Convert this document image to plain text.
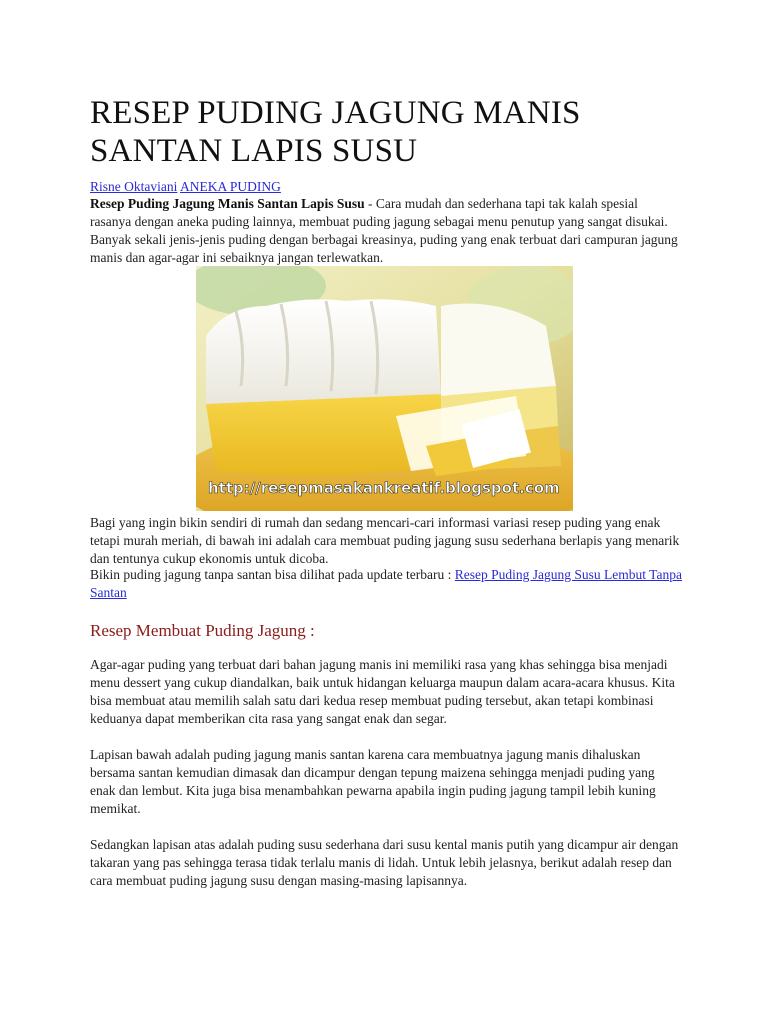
RESEP PUDING JAGUNG MANIS SANTAN LAPIS SUSU
Risne Oktaviani ANEKA PUDING

Resep Puding Jagung Manis Santan Lapis Susu - Cara mudah dan sederhana tapi tak kalah spesial rasanya dengan aneka puding lainnya, membuat puding jagung sebagai menu penutup yang sangat disukai. Banyak sekali jenis-jenis puding dengan berbagai kreasinya, puding yang enak terbuat dari campuran jagung manis dan agar-agar ini sebaiknya jangan terlewatkan.

http://resepmasakankreatif.blogspot.com

Bagi yang ingin bikin sendiri di rumah dan sedang mencari-cari informasi variasi resep puding yang enak tetapi murah meriah, di bawah ini adalah cara membuat puding jagung susu sederhana berlapis yang menarik dan tentunya cukup ekonomis untuk dicoba.

Bikin puding jagung tanpa santan bisa dilihat pada update terbaru : Resep Puding Jagung Susu Lembut Tanpa Santan

Resep Membuat Puding Jagung :

Agar-agar puding yang terbuat dari bahan jagung manis ini memiliki rasa yang khas sehingga bisa menjadi menu dessert yang cukup diandalkan, baik untuk hidangan keluarga maupun dalam acara-acara khusus. Kita bisa membuat atau memilih salah satu dari kedua resep membuat puding tersebut, akan tetapi kombinasi keduanya dapat memberikan cita rasa yang sangat enak dan segar.

Lapisan bawah adalah puding jagung manis santan karena cara membuatnya jagung manis dihaluskan bersama santan kemudian dimasak dan dicampur dengan tepung maizena sehingga menjadi puding yang enak dan lembut. Kita juga bisa menambahkan pewarna apabila ingin puding jagung tampil lebih kuning memikat.

Sedangkan lapisan atas adalah puding susu sederhana dari susu kental manis putih yang dicampur air dengan takaran yang pas sehingga terasa tidak terlalu manis di lidah. Untuk lebih jelasnya, berikut adalah resep dan cara membuat puding jagung susu dengan masing-masing lapisannya.
